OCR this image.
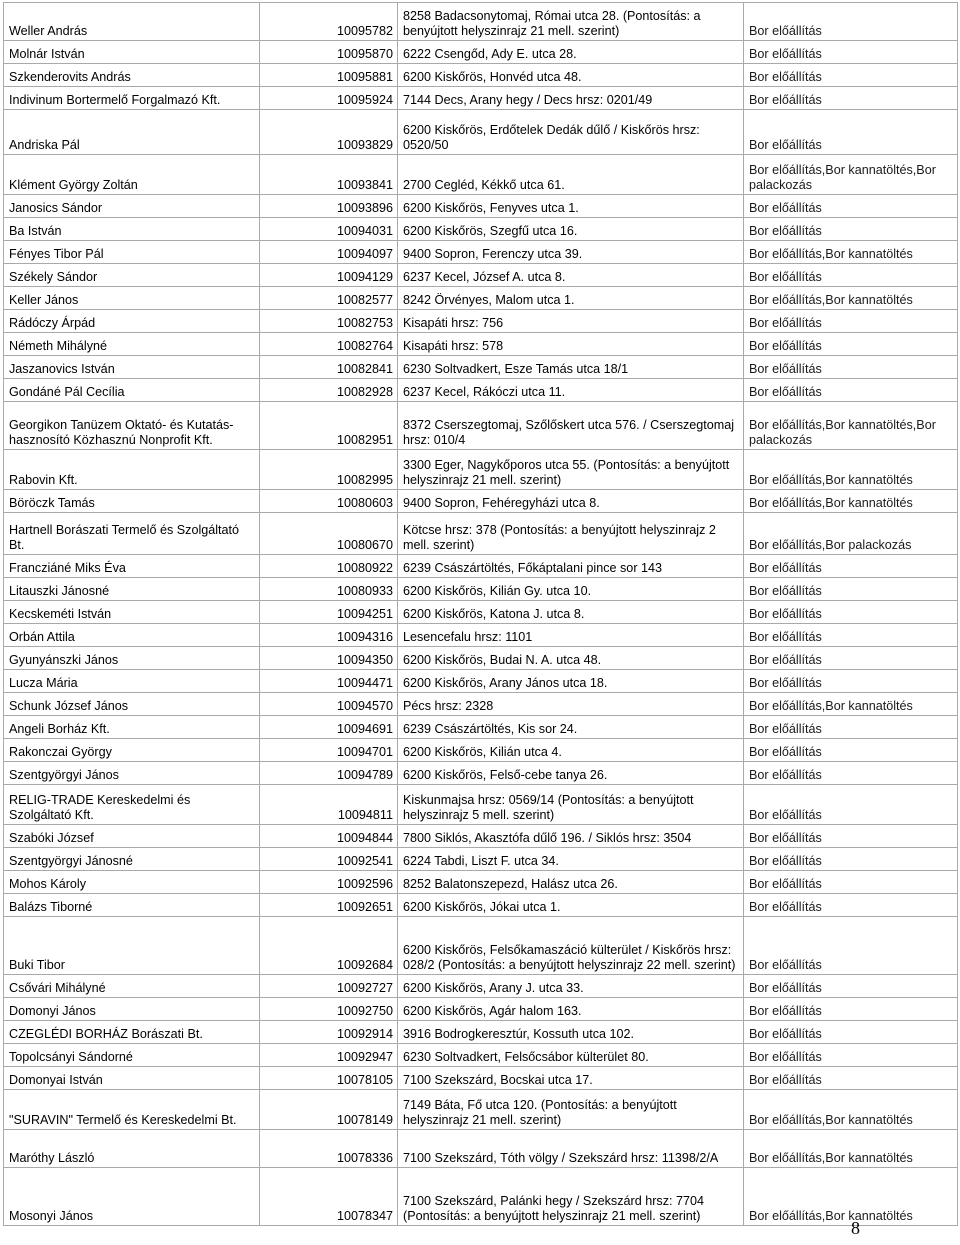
Weller András	10095782	8258 Badacsonytomaj, Római utca 28. (Pontosítás: a benyújtott helyszinrajz 21 mell. szerint)	Bor előállítás
Molnár István	10095870	6222 Csengőd, Ady E. utca 28.	Bor előállítás
Szkenderovits András	10095881	6200 Kiskőrös, Honvéd utca 48.	Bor előállítás
Indivinum Bortermelő Forgalmazó Kft.	10095924	7144 Decs, Arany hegy / Decs hrsz: 0201/49	Bor előállítás
Andriska Pál	10093829	6200 Kiskőrös, Erdőtelek Dedák dűlő / Kiskőrös hrsz: 0520/50	Bor előállítás
Klément György Zoltán	10093841	2700 Cegléd, Kékkő utca 61.	Bor előállítás,Bor kannatöltés,Bor palackozás
Janosics Sándor	10093896	6200 Kiskőrös, Fenyves utca 1.	Bor előállítás
Ba István	10094031	6200 Kiskőrös, Szegfű utca 16.	Bor előállítás
Fényes Tibor Pál	10094097	9400 Sopron, Ferenczy utca 39.	Bor előállítás,Bor kannatöltés
Székely Sándor	10094129	6237 Kecel, József A. utca 8.	Bor előállítás
Keller János	10082577	8242 Örvényes, Malom utca 1.	Bor előállítás,Bor kannatöltés
Rádóczy Árpád	10082753	Kisapáti hrsz: 756	Bor előállítás
Németh Mihályné	10082764	Kisapáti hrsz: 578	Bor előállítás
Jaszanovics István	10082841	6230 Soltvadkert, Esze Tamás utca 18/1	Bor előállítás
Gondáné Pál Cecília	10082928	6237 Kecel, Rákóczi utca 11.	Bor előállítás
Georgikon Tanüzem Oktató- és Kutatás-hasznosító Közhasznú Nonprofit Kft.	10082951	8372 Cserszegtomaj, Szőlőskert utca 576. / Cserszegtomaj hrsz: 010/4	Bor előállítás,Bor kannatöltés,Bor palackozás
Rabovin Kft.	10082995	3300 Eger, Nagykőporos utca 55. (Pontosítás: a benyújtott helyszinrajz 21 mell. szerint)	Bor előállítás,Bor kannatöltés
Böröczk Tamás	10080603	9400 Sopron, Fehéregyházi utca 8.	Bor előállítás,Bor kannatöltés
Hartnell Borászati Termelő és Szolgáltató Bt.	10080670	Kötcse hrsz: 378 (Pontosítás: a benyújtott helyszinrajz 2 mell. szerint)	Bor előállítás,Bor palackozás
Francziáné Miks Éva	10080922	6239 Császártöltés, Főkáptalani pince sor 143	Bor előállítás
Litauszki Jánosné	10080933	6200 Kiskőrös, Kilián Gy. utca 10.	Bor előállítás
Kecskeméti István	10094251	6200 Kiskőrös, Katona J. utca 8.	Bor előállítás
Orbán Attila	10094316	Lesencefalu hrsz: 1101	Bor előállítás
Gyunyánszki János	10094350	6200 Kiskőrös, Budai N. A. utca 48.	Bor előállítás
Lucza Mária	10094471	6200 Kiskőrös, Arany János utca 18.	Bor előállítás
Schunk József János	10094570	Pécs hrsz: 2328	Bor előállítás,Bor kannatöltés
Angeli Borház Kft.	10094691	6239 Császártöltés, Kis sor 24.	Bor előállítás
Rakonczai György	10094701	6200 Kiskőrös, Kilián utca 4.	Bor előállítás
Szentgyörgyi János	10094789	6200 Kiskőrös, Felső-cebe tanya 26.	Bor előállítás
RELIG-TRADE Kereskedelmi és Szolgáltató Kft.	10094811	Kiskunmajsa hrsz: 0569/14 (Pontosítás: a benyújtott helyszinrajz 5 mell. szerint)	Bor előállítás
Szabóki József	10094844	7800 Siklós, Akasztófa dűlő 196. / Siklós hrsz: 3504	Bor előállítás
Szentgyörgyi Jánosné	10092541	6224 Tabdi, Liszt F. utca 34.	Bor előállítás
Mohos Károly	10092596	8252 Balatonszepezd, Halász utca 26.	Bor előállítás
Balázs Tiborné	10092651	6200 Kiskőrös, Jókai utca 1.	Bor előállítás
Buki Tibor	10092684	6200 Kiskőrös, Felsőkamaszáció külterület / Kiskőrös hrsz: 028/2 (Pontosítás: a benyújtott helyszinrajz 22 mell. szerint)	Bor előállítás
Csővári Mihályné	10092727	6200 Kiskőrös, Arany J. utca 33.	Bor előállítás
Domonyi János	10092750	6200 Kiskőrös, Agár halom 163.	Bor előállítás
CZEGLÉDI BORHÁZ Borászati Bt.	10092914	3916 Bodrogkeresztúr, Kossuth utca 102.	Bor előállítás
Topolcsányi Sándorné	10092947	6230 Soltvadkert, Felsőcsábor külterület 80.	Bor előállítás
Domonyai István	10078105	7100 Szekszárd, Bocskai utca 17.	Bor előállítás
"SURAVIN" Termelő és Kereskedelmi Bt.	10078149	7149 Báta, Fő utca 120. (Pontosítás: a benyújtott helyszinrajz 21 mell. szerint)	Bor előállítás,Bor kannatöltés
Maróthy László	10078336	7100 Szekszárd, Tóth völgy / Szekszárd hrsz: 11398/2/A	Bor előállítás,Bor kannatöltés
Mosonyi János	10078347	7100 Szekszárd, Palánki hegy / Szekszárd hrsz: 7704 (Pontosítás: a benyújtott helyszinrajz 21 mell. szerint)	Bor előállítás,Bor kannatöltés
8
